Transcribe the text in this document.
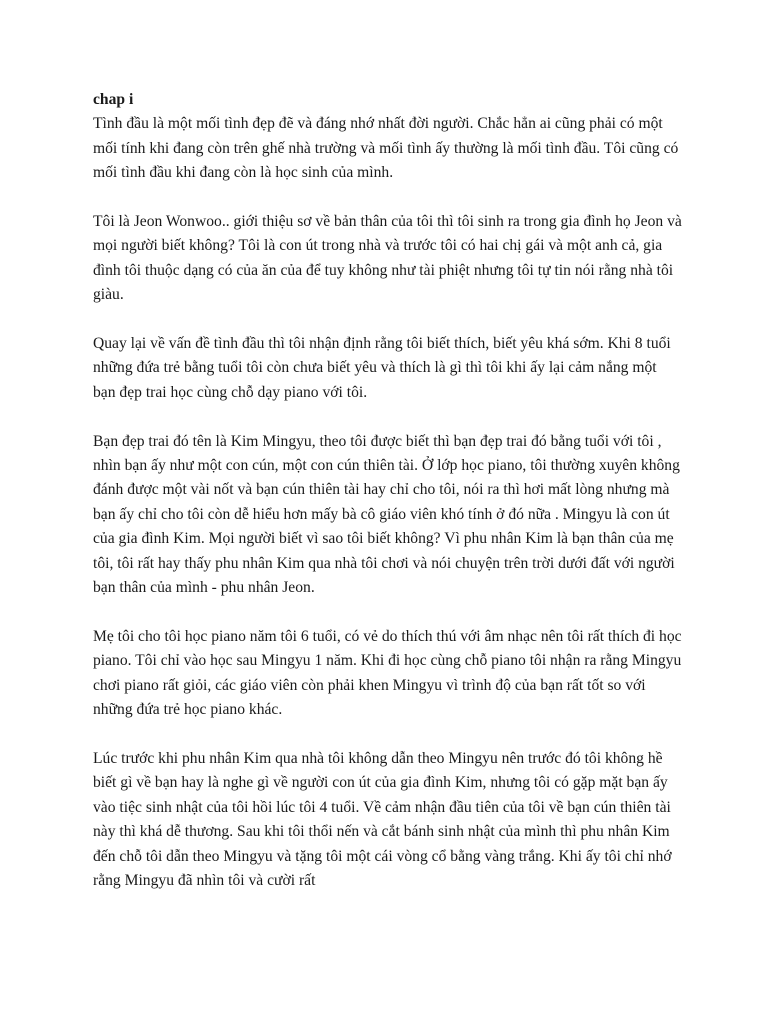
chap i

Tình đầu là một mối tình đẹp đẽ và đáng nhớ nhất đời người. Chắc hẳn ai cũng phải có một mối tính khi đang còn trên ghế nhà trường và mối tình ấy thường là mối tình đầu. Tôi cũng có mối tình đầu khi đang còn là học sinh của mình.

Tôi là Jeon Wonwoo.. giới thiệu sơ về bản thân của tôi thì tôi sinh ra trong gia đình họ Jeon và mọi người biết không? Tôi là con út trong nhà và trước tôi có hai chị gái và một anh cả, gia đình tôi thuộc dạng có của ăn của để tuy không như tài phiệt nhưng tôi tự tin nói rằng nhà tôi giàu.

Quay lại về vấn đề tình đầu thì tôi nhận định rằng tôi biết thích, biết yêu khá sớm. Khi 8 tuổi những đứa trẻ bằng tuổi tôi còn chưa biết yêu và thích là gì thì tôi khi ấy lại cảm nắng một bạn đẹp trai học cùng chỗ dạy piano với tôi.

Bạn đẹp trai đó tên là Kim Mingyu, theo tôi được biết thì bạn đẹp trai đó bằng tuổi với tôi , nhìn bạn ấy như một con cún, một con cún thiên tài. Ở lớp học piano, tôi thường xuyên không đánh được một vài nốt và bạn cún thiên tài hay chỉ cho tôi, nói ra thì hơi mất lòng nhưng mà bạn ấy chỉ cho tôi còn dễ hiểu hơn mấy bà cô giáo viên khó tính ở đó nữa . Mingyu là con út của gia đình Kim. Mọi người biết vì sao tôi biết không? Vì phu nhân Kim là bạn thân của mẹ tôi, tôi rất hay thấy phu nhân Kim qua nhà tôi chơi và nói chuyện trên trời dưới đất với người bạn thân của mình - phu nhân Jeon.

Mẹ tôi cho tôi học piano năm tôi 6 tuổi, có vẻ do thích thú với âm nhạc nên tôi rất thích đi học piano. Tôi chỉ vào học sau Mingyu 1 năm. Khi đi học cùng chỗ piano tôi nhận ra rằng Mingyu chơi piano rất giỏi, các giáo viên còn phải khen Mingyu vì trình độ của bạn rất tốt so với những đứa trẻ học piano khác.

Lúc trước khi phu nhân Kim qua nhà tôi không dẫn theo Mingyu nên trước đó tôi không hề biết gì về bạn hay là nghe gì về người con út của gia đình Kim, nhưng tôi có gặp mặt bạn ấy vào tiệc sinh nhật của tôi hồi lúc tôi 4 tuổi. Về cảm nhận đầu tiên của tôi về bạn cún thiên tài này thì khá dễ thương. Sau khi tôi thổi nến và cắt bánh sinh nhật của mình thì phu nhân Kim đến chỗ tôi dẫn theo Mingyu và tặng tôi một cái vòng cổ bằng vàng trắng. Khi ấy tôi chỉ nhớ rằng Mingyu đã nhìn tôi và cười rất
